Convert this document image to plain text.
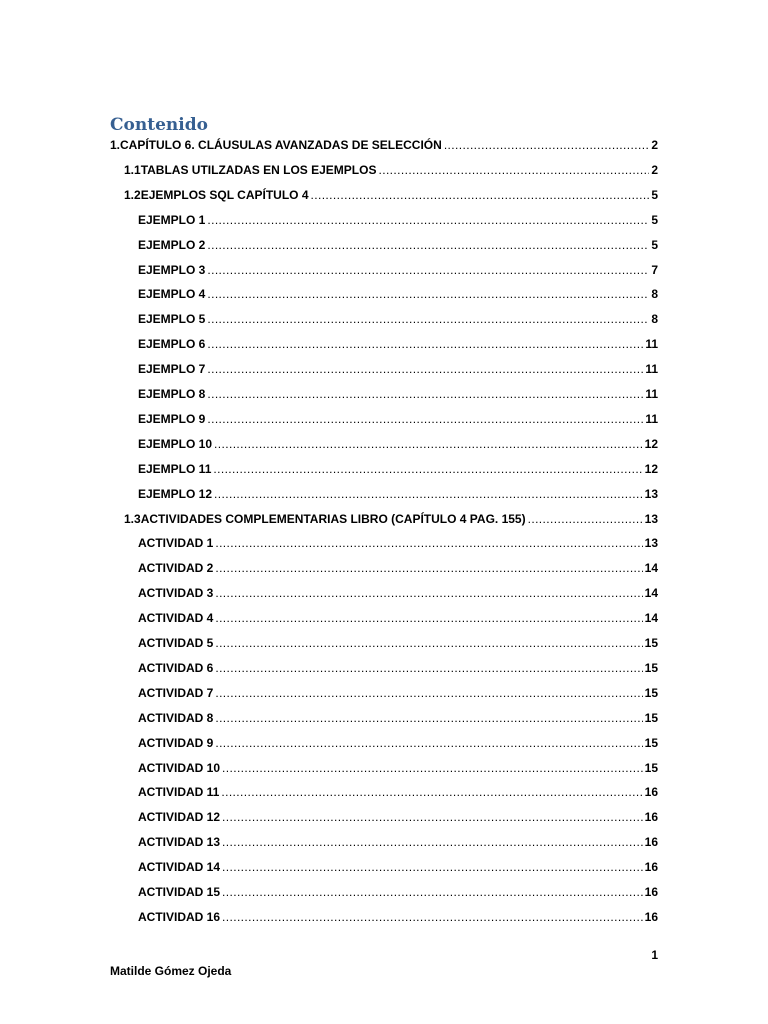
Contenido
1. CAPÍTULO 6. CLÁUSULAS AVANZADAS DE SELECCIÓN .....	2
1.1 TABLAS UTILZADAS EN LOS EJEMPLOS .....	2
1.2 EJEMPLOS SQL CAPÍTULO 4 .....	5
EJEMPLO 1 .....	5
EJEMPLO 2 .....	5
EJEMPLO 3 .....	7
EJEMPLO 4 .....	8
EJEMPLO 5 .....	8
EJEMPLO 6 .....	11
EJEMPLO 7 .....	11
EJEMPLO 8 .....	11
EJEMPLO 9 .....	11
EJEMPLO 10 .....	12
EJEMPLO 11 .....	12
EJEMPLO 12 .....	13
1.3 ACTIVIDADES COMPLEMENTARIAS LIBRO (CAPÍTULO 4 PAG. 155) .....	13
ACTIVIDAD 1 .....	13
ACTIVIDAD 2 .....	14
ACTIVIDAD 3 .....	14
ACTIVIDAD 4 .....	14
ACTIVIDAD 5 .....	15
ACTIVIDAD 6 .....	15
ACTIVIDAD 7 .....	15
ACTIVIDAD 8 .....	15
ACTIVIDAD 9 .....	15
ACTIVIDAD 10 .....	15
ACTIVIDAD 11 .....	16
ACTIVIDAD 12 .....	16
ACTIVIDAD 13 .....	16
ACTIVIDAD 14 .....	16
ACTIVIDAD 15 .....	16
ACTIVIDAD 16 .....	16
1
Matilde Gómez Ojeda
